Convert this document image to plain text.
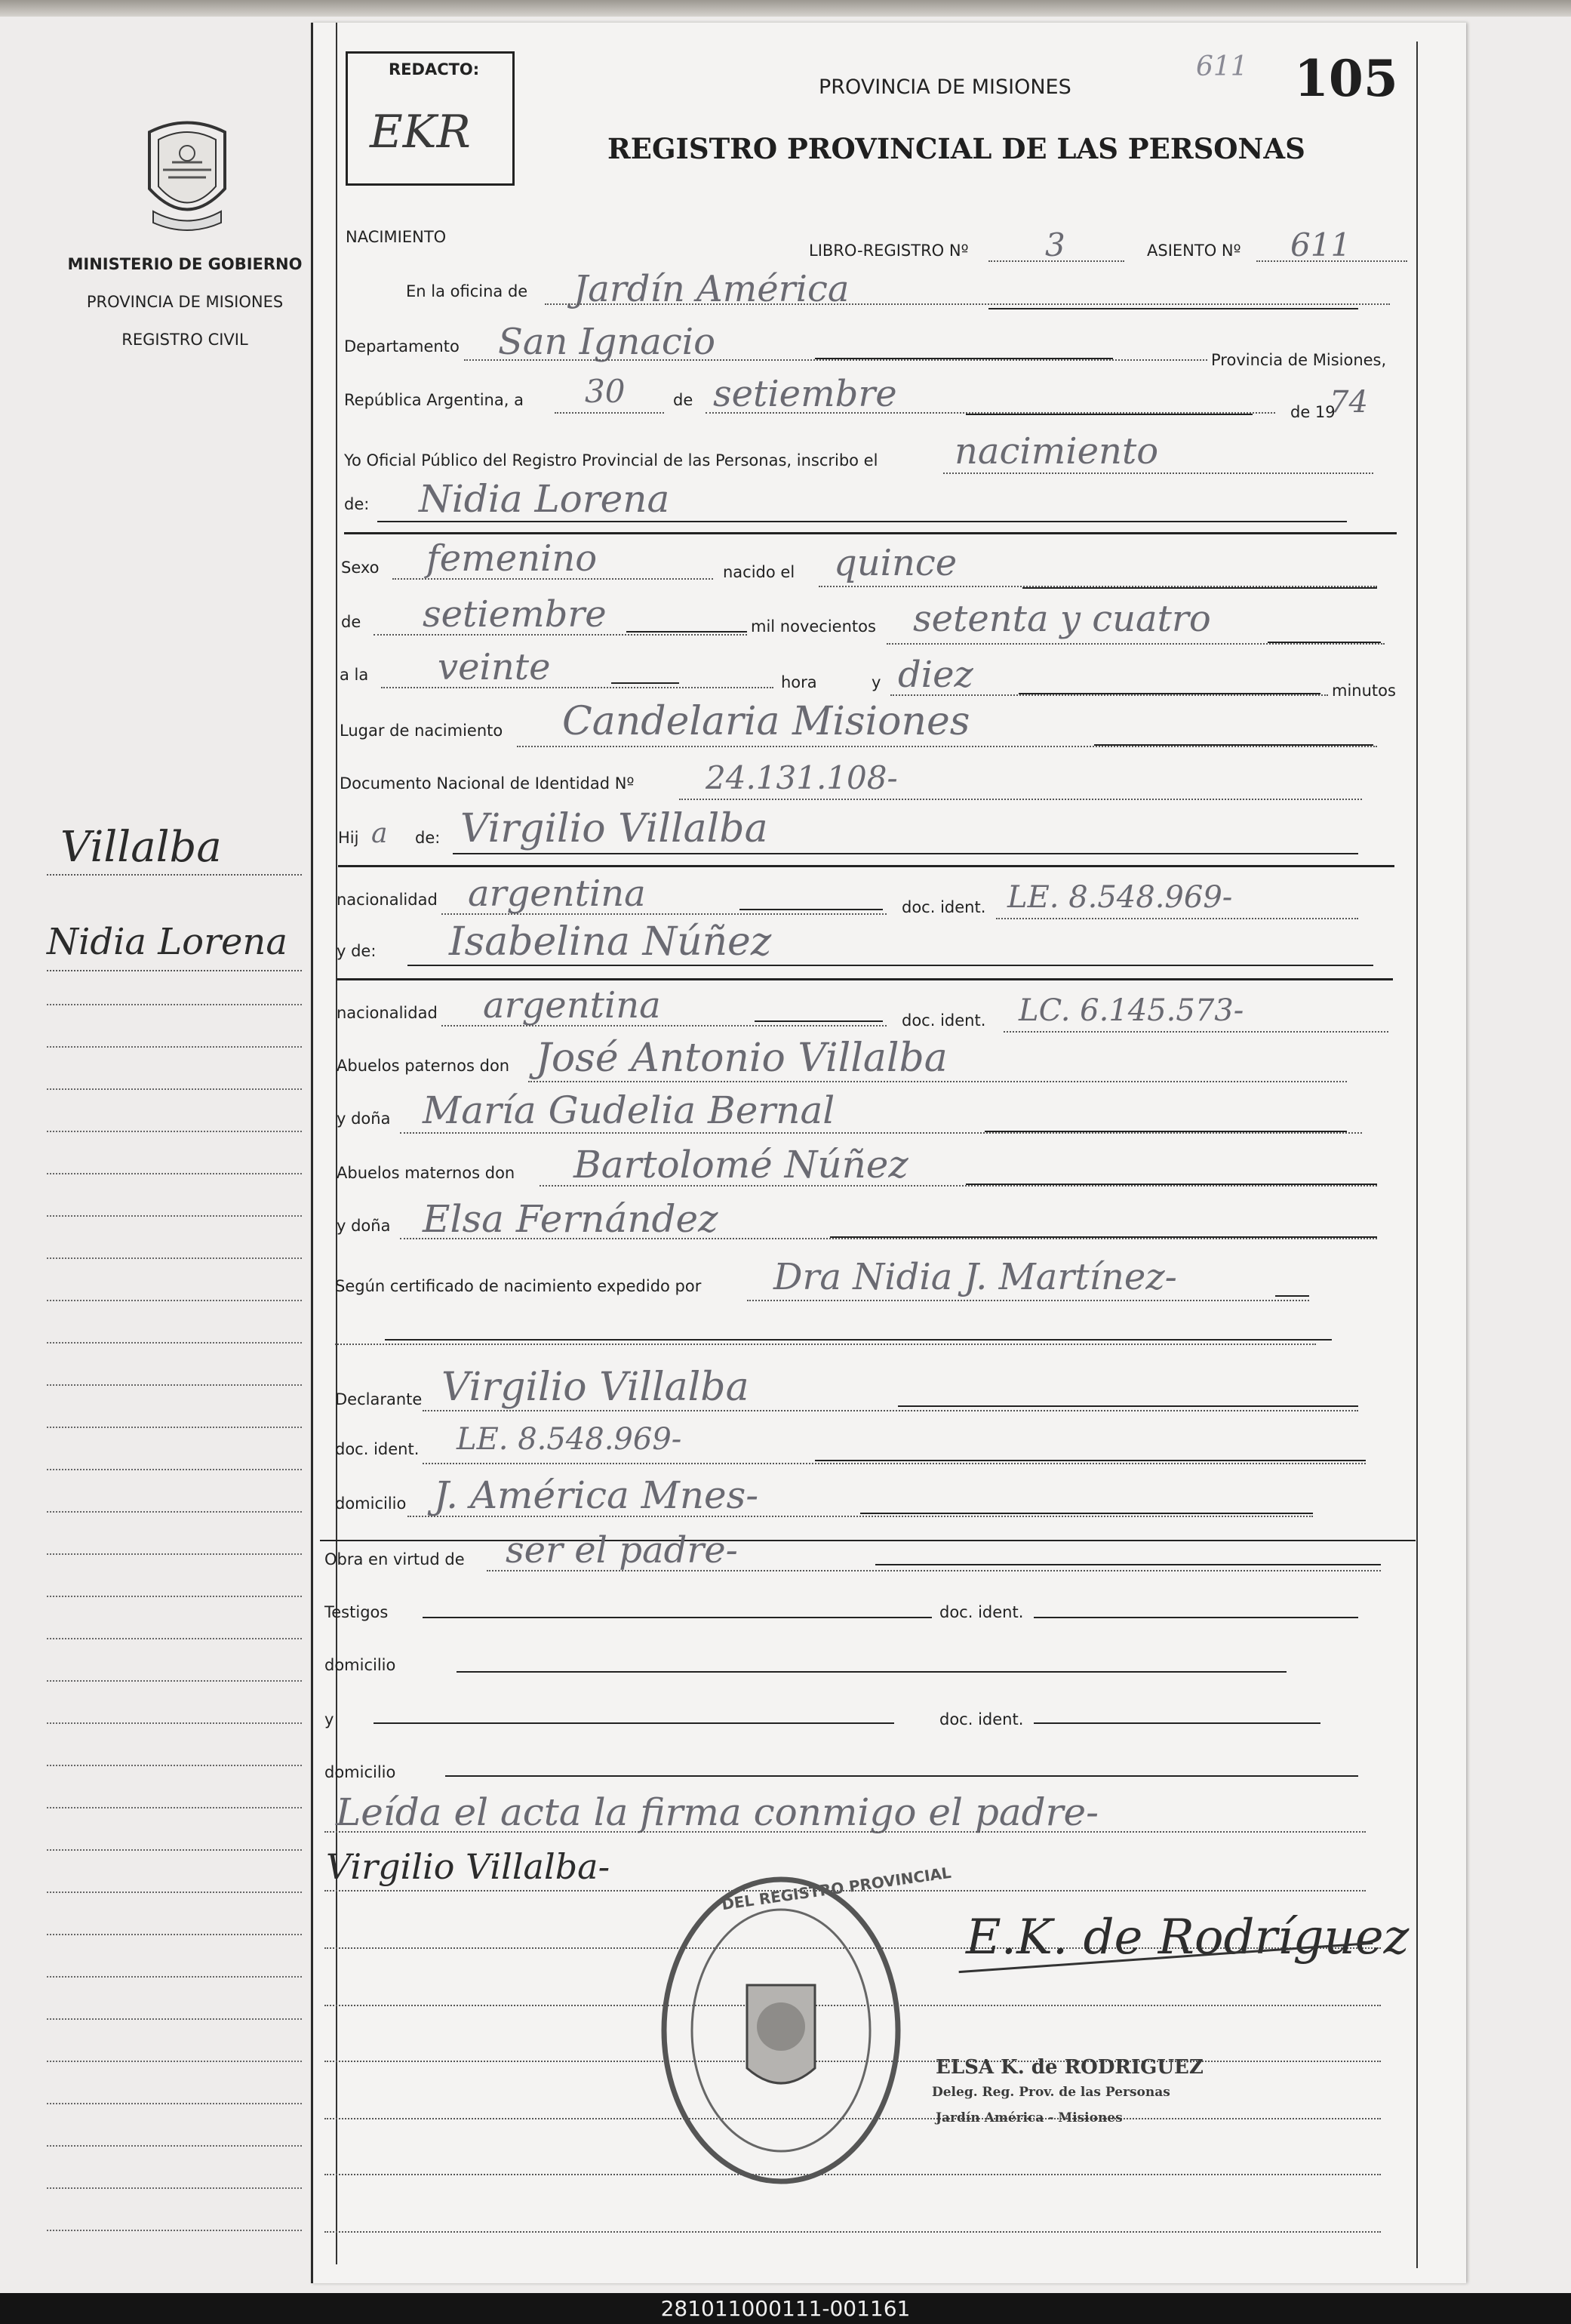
MINISTERIO DE GOBIERNO
PROVINCIA DE MISIONES
REGISTRO CIVIL
Villalba
Nidia Lorena
REDACTO:
EKR
PROVINCIA DE MISIONES
611 105
REGISTRO PROVINCIAL DE LAS PERSONAS
NACIMIENTO
LIBRO-REGISTRO Nº 3	ASIENTO Nº 611
En la oficina de Jardín América
Departamento San Ignacio	Provincia de Misiones,
República Argentina, a 30	de setiembre	de 19
74
Yo Oficial Público del Registro Provincial de las Personas, inscribo el nacimiento
de: Nidia Lorena
Sexo femenino	nacido el quince
de setiembre	mil novecientos setenta y cuatro
a la veinte	hora	y diez	minutos
Lugar de nacimiento Candelaria Misiones
Documento Nacional de Identidad Nº 24.131.108-
Hij a de: Virgilio Villalba
nacionalidad argentina	doc. ident. LE. 8.548.969-
y de: Isabelina Núñez
nacionalidad argentina	doc. ident. LC. 6.145.573-
Abuelos paternos don José Antonio Villalba
y doña María Gudelia Bernal
Abuelos maternos don Bartolomé Núñez
y doña Elsa Fernández
Según certificado de nacimiento expedido por Dra Nidia J. Martínez-
Declarante Virgilio Villalba
doc. ident. LE. 8.548.969-
domicilio J. América Mnes-
Obra en virtud de ser el padre-
Testigos	doc. ident.
domicilio
y	doc. ident.
domicilio
Leída el acta la firma conmigo el padre-
Virgilio Villalba-	DEL REGISTRO PROVINCIAL
E.K. de Rodríguez
ELSA K. de RODRIGUEZ
Deleg. Reg. Prov. de las Personas
Jardín América - Misiones
281011000111-001161
